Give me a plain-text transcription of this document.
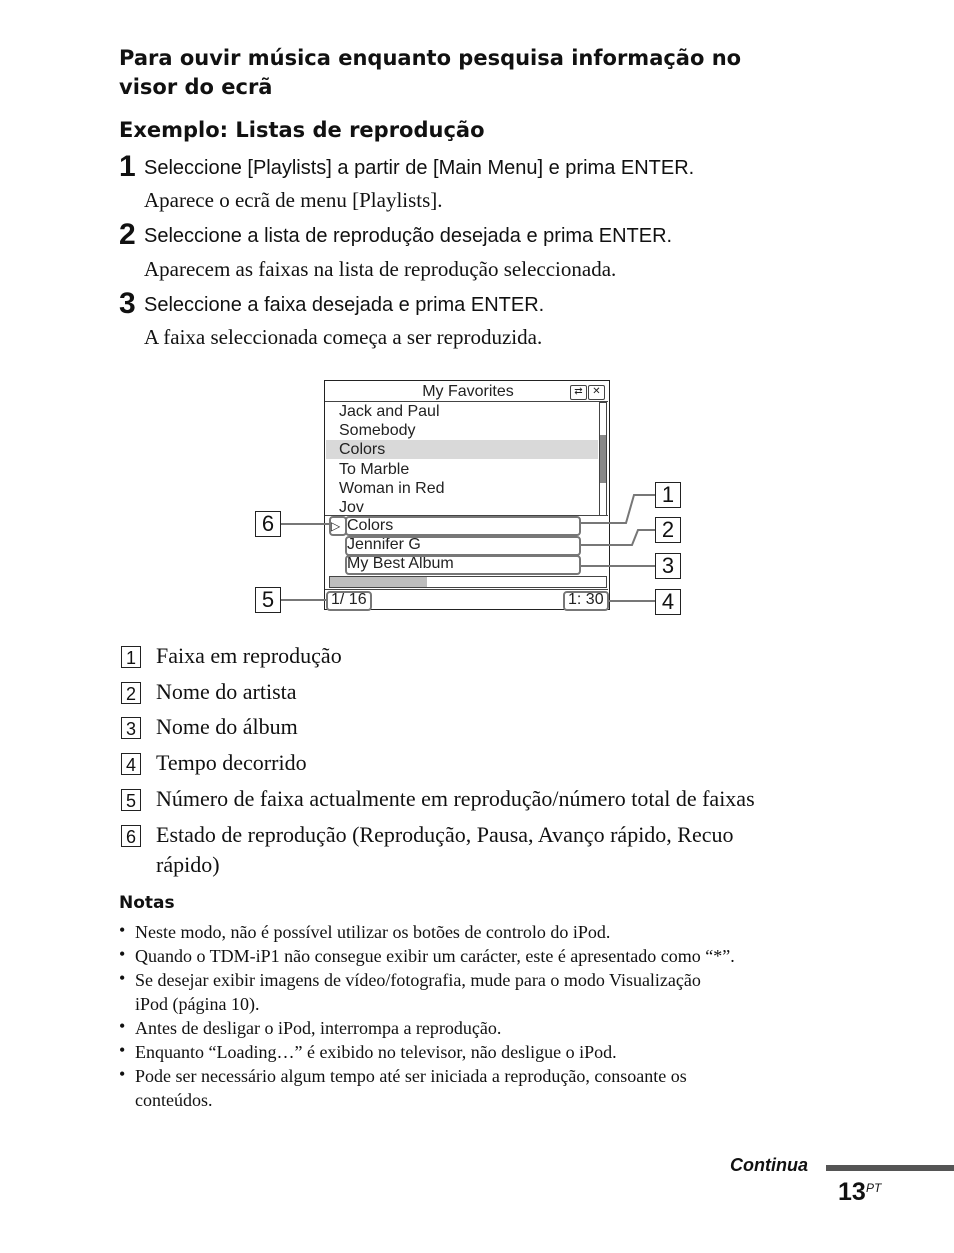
Para ouvir música enquanto pesquisa informação no
visor do ecrã
Exemplo: Listas de reprodução
1 Seleccione [Playlists] a partir de [Main Menu] e prima ENTER.
Aparece o ecrã de menu [Playlists].
2 Seleccione a lista de reprodução desejada e prima ENTER.
Aparecem as faixas na lista de reprodução seleccionada.
3 Seleccione a faixa desejada e prima ENTER.
A faixa seleccionada começa a ser reproduzida.
My Favorites	⇄ ✕
Jack and Paul
Somebody
Colors
To Marble
Woman in Red
Jov
▷ Colors
Jennifer G
My Best Album
1/ 16	1: 30
1
2
3
4
5
6
1 Faixa em reprodução
2 Nome do artista
3 Nome do álbum
4 Tempo decorrido
5 Número de faixa actualmente em reprodução/número total de faixas
6 Estado de reprodução (Reprodução, Pausa, Avanço rápido, Recuo
rápido)
Notas
• Neste modo, não é possível utilizar os botões de controlo do iPod.
• Quando o TDM-iP1 não consegue exibir um carácter, este é apresentado como “*”.
• Se desejar exibir imagens de vídeo/fotografia, mude para o modo Visualização
iPod (página 10).
• Antes de desligar o iPod, interrompa a reprodução.
• Enquanto “Loading…” é exibido no televisor, não desligue o iPod.
• Pode ser necessário algum tempo até ser iniciada a reprodução, consoante os
conteúdos.
Continua
13 PT
